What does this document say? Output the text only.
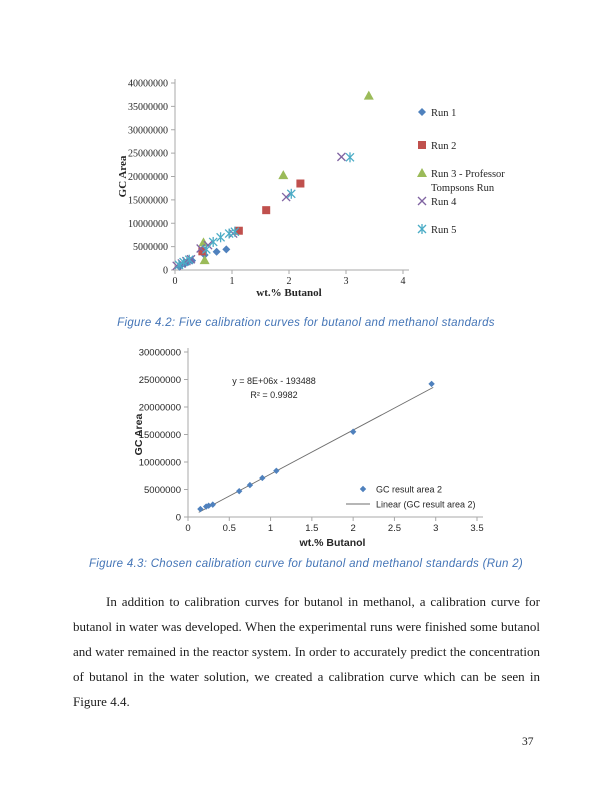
0
5000000
10000000
15000000
20000000
25000000
30000000
35000000
40000000
0	1	2	3	4
GC Area
wt.% Butanol
Run 1
Run 2
Run 3 - Professor
Tompsons Run
Run 4
Run 5
Figure 4.2: Five calibration curves for butanol and methanol standards
0
5000000
10000000
15000000
20000000
25000000
30000000
0	0.5	1	1.5	2	2.5	3	3.5
GC Area
wt.% Butanol
y = 8E+06x - 193488
R² = 0.9982
GC result area 2
Linear (GC result area 2)
Figure 4.3: Chosen calibration curve for butanol and methanol standards (Run 2)

In addition to calibration curves for butanol in methanol, a calibration curve for butanol in water was developed. When the experimental runs were finished some butanol and water remained in the reactor system. In order to accurately predict the concentration of butanol in the water solution, we created a calibration curve which can be seen in Figure 4.4.

37
